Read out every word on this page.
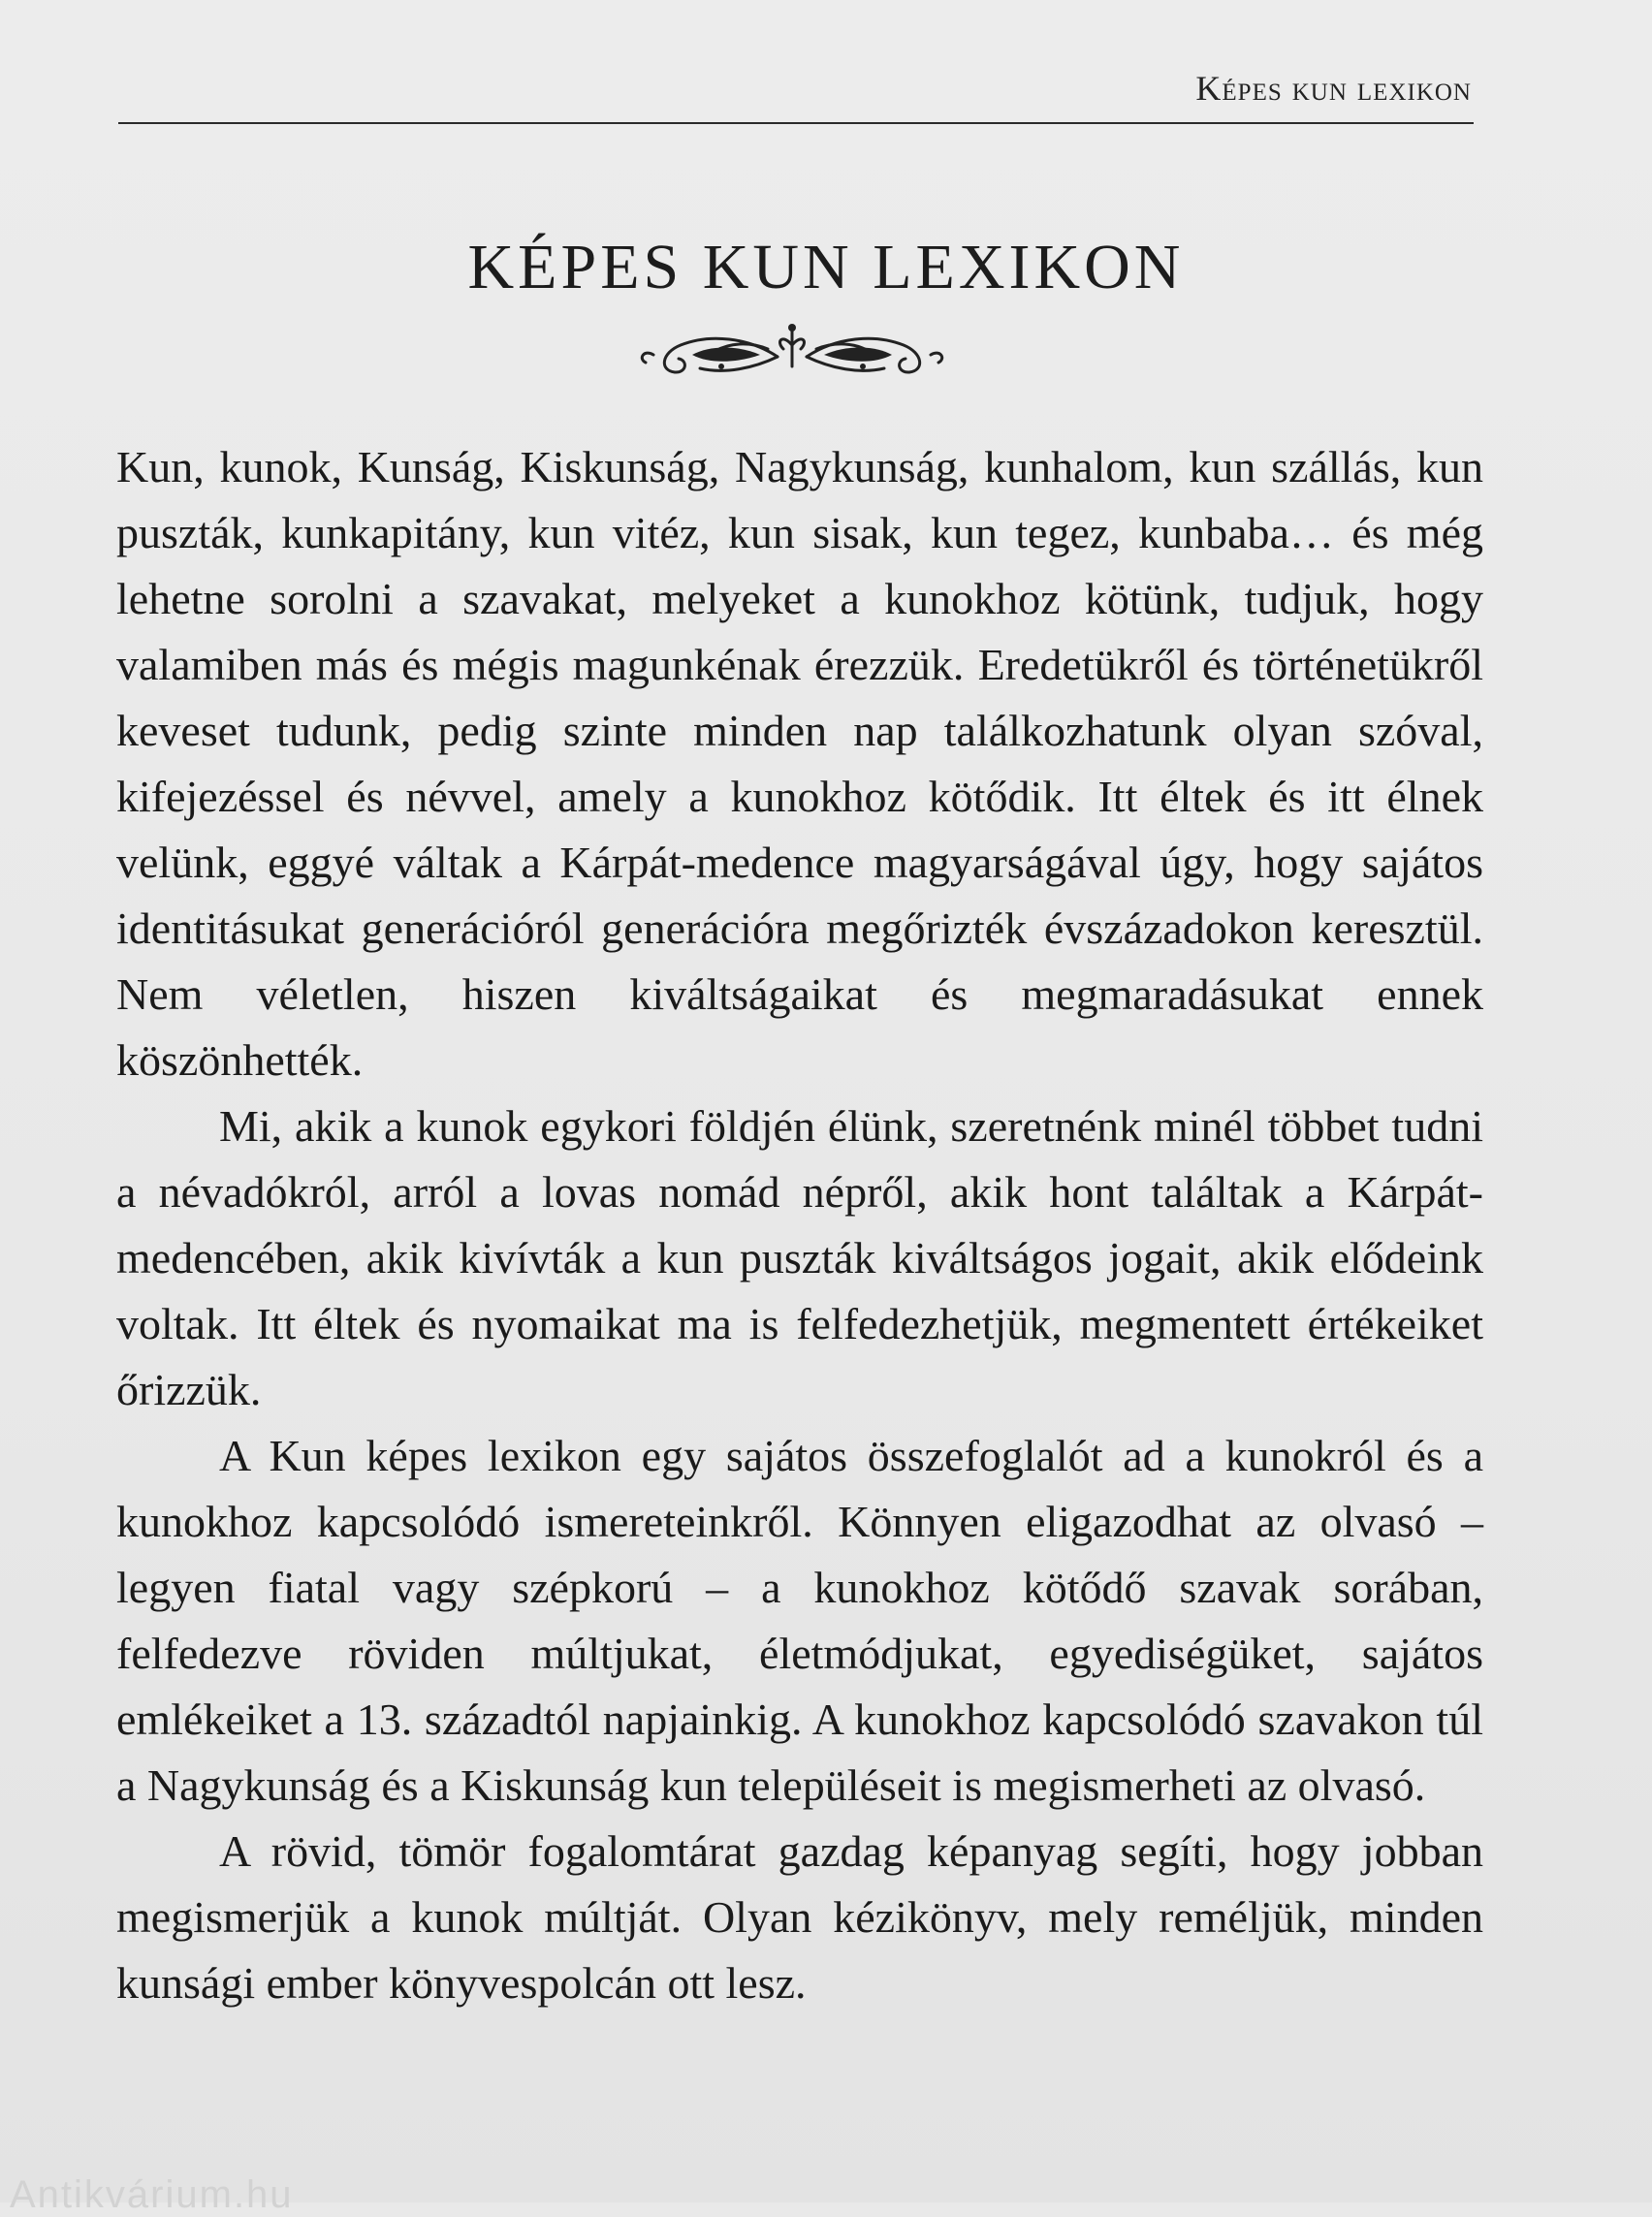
Képes kun lexikon
KÉPES KUN LEXIKON

Kun, kunok, Kunság, Kiskunság, Nagykunság, kunhalom, kun szállás, kun puszták, kunkapitány, kun vitéz, kun sisak, kun tegez, kunbaba… és még lehetne sorolni a szavakat, melyeket a kunokhoz kötünk, tudjuk, hogy valamiben más és mégis magunkénak érezzük. Eredetükről és történetükről keveset tudunk, pedig szinte minden nap találkozhatunk olyan szóval, kifejezéssel és névvel, amely a kunokhoz kötődik. Itt éltek és itt élnek velünk, eggyé váltak a Kárpát-medence magyarságával úgy, hogy sajátos identitásukat generációról generációra megőrizték évszázadokon keresztül. Nem véletlen, hiszen kiváltságaikat és megmaradásukat ennek köszönhették.

Mi, akik a kunok egykori földjén élünk, szeretnénk minél többet tudni a névadókról, arról a lovas nomád népről, akik hont találtak a Kárpát-medencében, akik kivívták a kun puszták kiváltságos jogait, akik elődeink voltak. Itt éltek és nyomaikat ma is felfedezhetjük, megmentett értékeiket őrizzük.

A Kun képes lexikon egy sajátos összefoglalót ad a kunokról és a kunokhoz kapcsolódó ismereteinkről. Könnyen eligazodhat az olvasó – legyen fiatal vagy szépkorú – a kunokhoz kötődő szavak sorában, felfedezve röviden múltjukat, életmódjukat, egyediségüket, sajátos emlékeiket a 13. századtól napjainkig. A kunokhoz kapcsolódó szavakon túl a Nagykunság és a Kiskunság kun településeit is megismerheti az olvasó.

A rövid, tömör fogalomtárat gazdag képanyag segíti, hogy jobban megismerjük a kunok múltját. Olyan kézikönyv, mely reméljük, minden kunsági ember könyvespolcán ott lesz.

Antikvárium.hu
